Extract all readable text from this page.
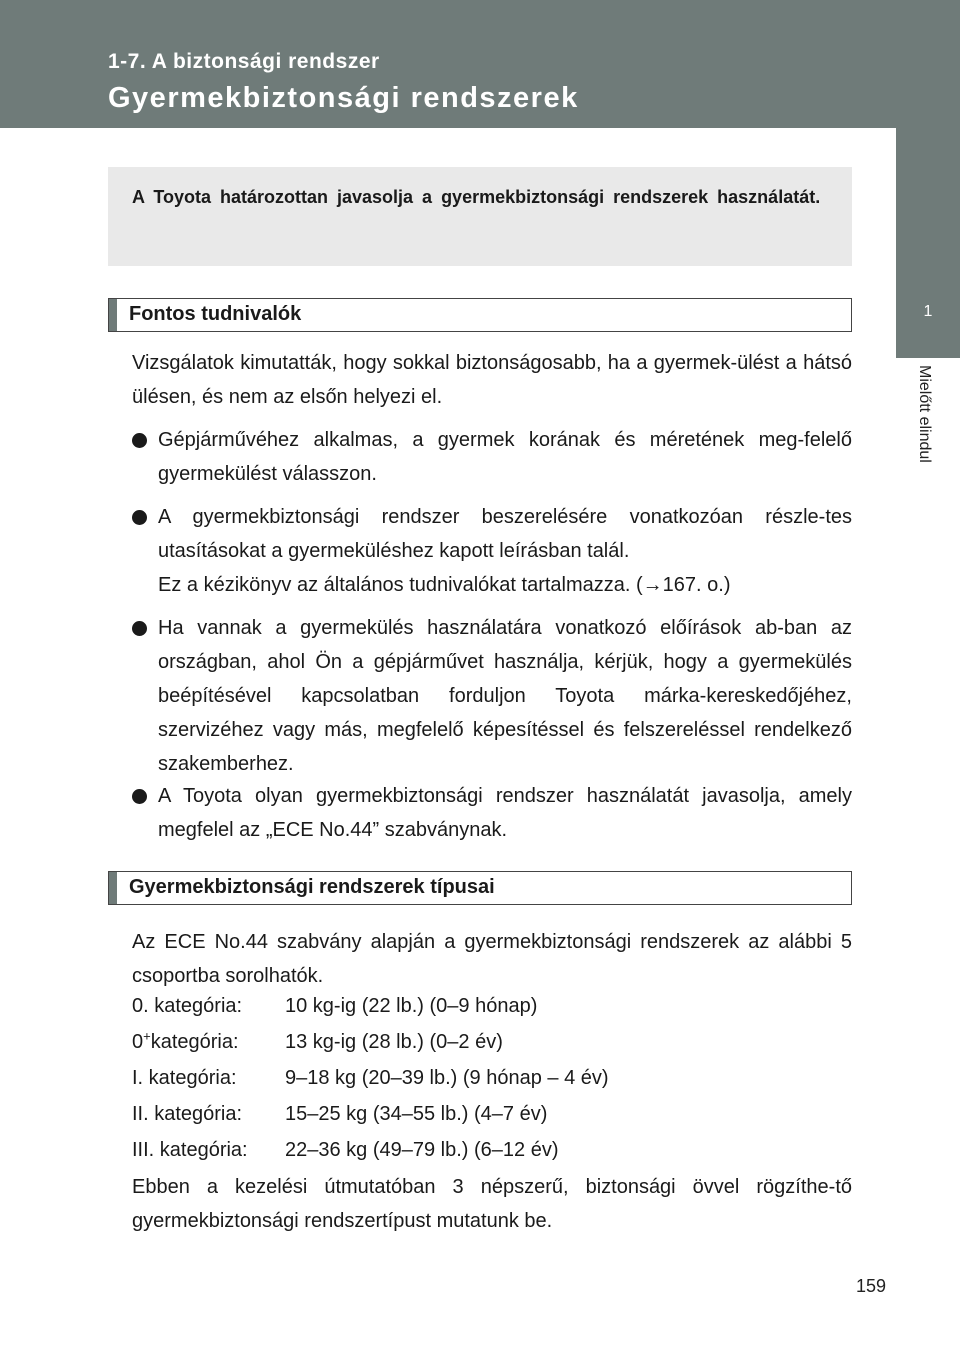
1-7. A biztonsági rendszer
Gyermekbiztonsági rendszerek
1
Mielőtt elindul

A Toyota határozottan javasolja a gyermekbiztonsági rendszerek használatát.

Fontos tudnivalók

Vizsgálatok kimutatták, hogy sokkal biztonságosabb, ha a gyermek-ülést a hátsó ülésen, és nem az elsőn helyezi el.

Gépjárművéhez alkalmas, a gyermek korának és méretének meg-felelő gyermekülést válasszon.

A gyermekbiztonsági rendszer beszerelésére vonatkozóan részle-tes utasításokat a gyermeküléshez kapott leírásban talál.

Ez a kézikönyv az általános tudnivalókat tartalmazza. (→167. o.)

Ha vannak a gyermekülés használatára vonatkozó előírások ab-ban az országban, ahol Ön a gépjárművet használja, kérjük, hogy a gyermekülés beépítésével kapcsolatban forduljon Toyota márka-kereskedőjéhez, szervizéhez vagy más, megfelelő képesítéssel és felszereléssel rendelkező szakemberhez.

A Toyota olyan gyermekbiztonsági rendszer használatát javasolja, amely megfelel az „ECE No.44” szabványnak.

Gyermekbiztonsági rendszerek típusai

Az ECE No.44 szabvány alapján a gyermekbiztonsági rendszerek az alábbi 5 csoportba sorolhatók.

0. kategória: 10 kg-ig (22 lb.) (0–9 hónap)
0+kategória: 13 kg-ig (28 lb.) (0–2 év)
I. kategória: 9–18 kg (20–39 lb.) (9 hónap – 4 év)
II. kategória: 15–25 kg (34–55 lb.) (4–7 év)
III. kategória: 22–36 kg (49–79 lb.) (6–12 év)

Ebben a kezelési útmutatóban 3 népszerű, biztonsági övvel rögzíthe-tő gyermekbiztonsági rendszertípust mutatunk be.

159
